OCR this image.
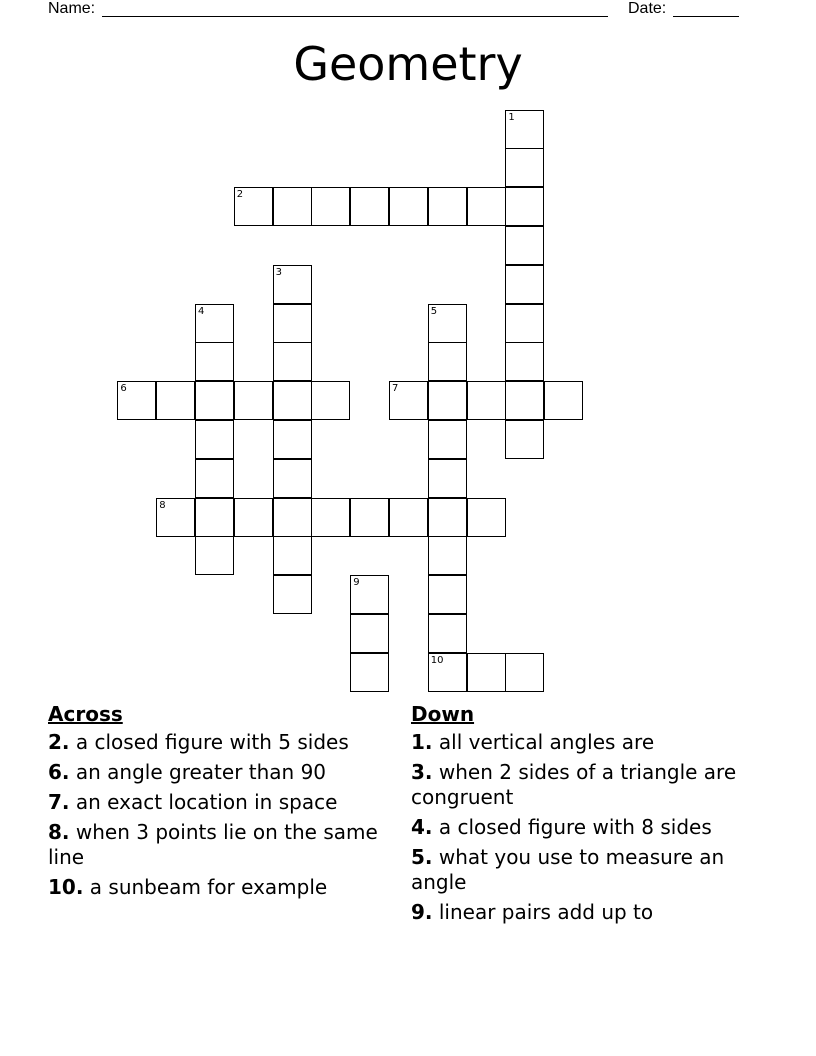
Name:	Date:
Geometry
1
2
3
4	5
10
6	7
8
9
Across
2. a closed figure with 5 sides
6. an angle greater than 90
7. an exact location in space
8. when 3 points lie on the same line
10. a sunbeam for example
Down
1. all vertical angles are
3. when 2 sides of a triangle are congruent
4. a closed figure with 8 sides
5. what you use to measure an angle
9. linear pairs add up to
